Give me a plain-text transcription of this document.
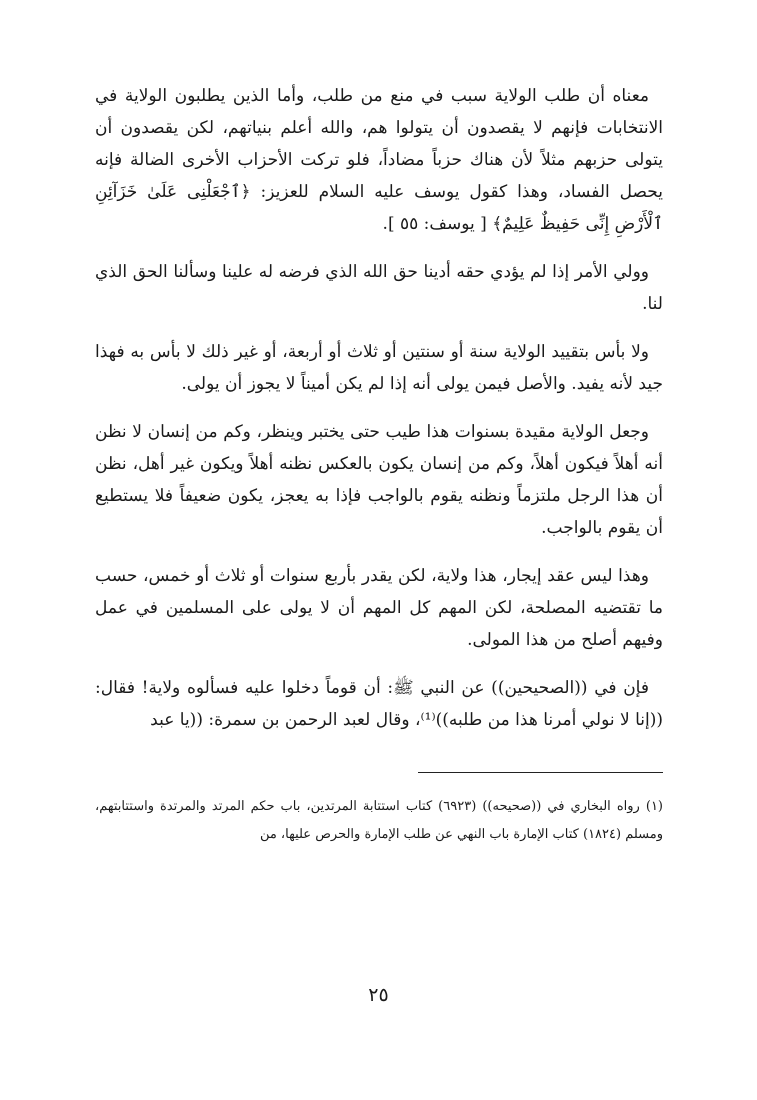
معناه أن طلب الولاية سبب في منع من طلب، وأما الذين يطلبون الولاية في الانتخابات فإنهم لا يقصدون أن يتولوا هم، والله أعلم بنياتهم، لكن يقصدون أن يتولى حزبهم مثلاً لأن هناك حزباً مضاداً، فلو تركت الأحزاب الأخرى الضالة فإنه يحصل الفساد، وهذا كقول يوسف عليه السلام للعزيز: ﴿ٱجْعَلْنِى عَلَىٰ خَزَآئِنِ ٱلْأَرْضِ إِنِّى حَفِيظٌ عَلِيمٌ﴾ [ يوسف: ٥٥ ].

وولي الأمر إذا لم يؤدي حقه أدينا حق الله الذي فرضه له علينا وسألنا الحق الذي لنا.

ولا بأس بتقييد الولاية سنة أو سنتين أو ثلاث أو أربعة، أو غير ذلك لا بأس به فهذا جيد لأنه يفيد. والأصل فيمن يولى أنه إذا لم يكن أميناً لا يجوز أن يولى.

وجعل الولاية مقيدة بسنوات هذا طيب حتى يختبر وينظر، وكم من إنسان لا نظن أنه أهلاً فيكون أهلاً، وكم من إنسان يكون بالعكس نظنه أهلاً ويكون غير أهل، نظن أن هذا الرجل ملتزماً ونظنه يقوم بالواجب فإذا به يعجز، يكون ضعيفاً فلا يستطيع أن يقوم بالواجب.

وهذا ليس عقد إيجار، هذا ولاية، لكن يقدر بأربع سنوات أو ثلاث أو خمس، حسب ما تقتضيه المصلحة، لكن المهم كل المهم أن لا يولى على المسلمين في عمل وفيهم أصلح من هذا المولى.

فإن في ((الصحيحين)) عن النبي ﷺ: أن قوماً دخلوا عليه فسألوه ولاية! فقال: ((إنا لا نولي أمرنا هذا من طلبه))⁽¹⁾، وقال لعبد الرحمن بن سمرة: ((يا عبد

(١) رواه البخاري في ((صحيحه)) (٦٩٢٣) كتاب استتابة المرتدين، باب حكم المرتد والمرتدة واستتابتهم، ومسلم (١٨٢٤) كتاب الإمارة باب النهي عن طلب الإمارة والحرص عليها، من

٢٥
